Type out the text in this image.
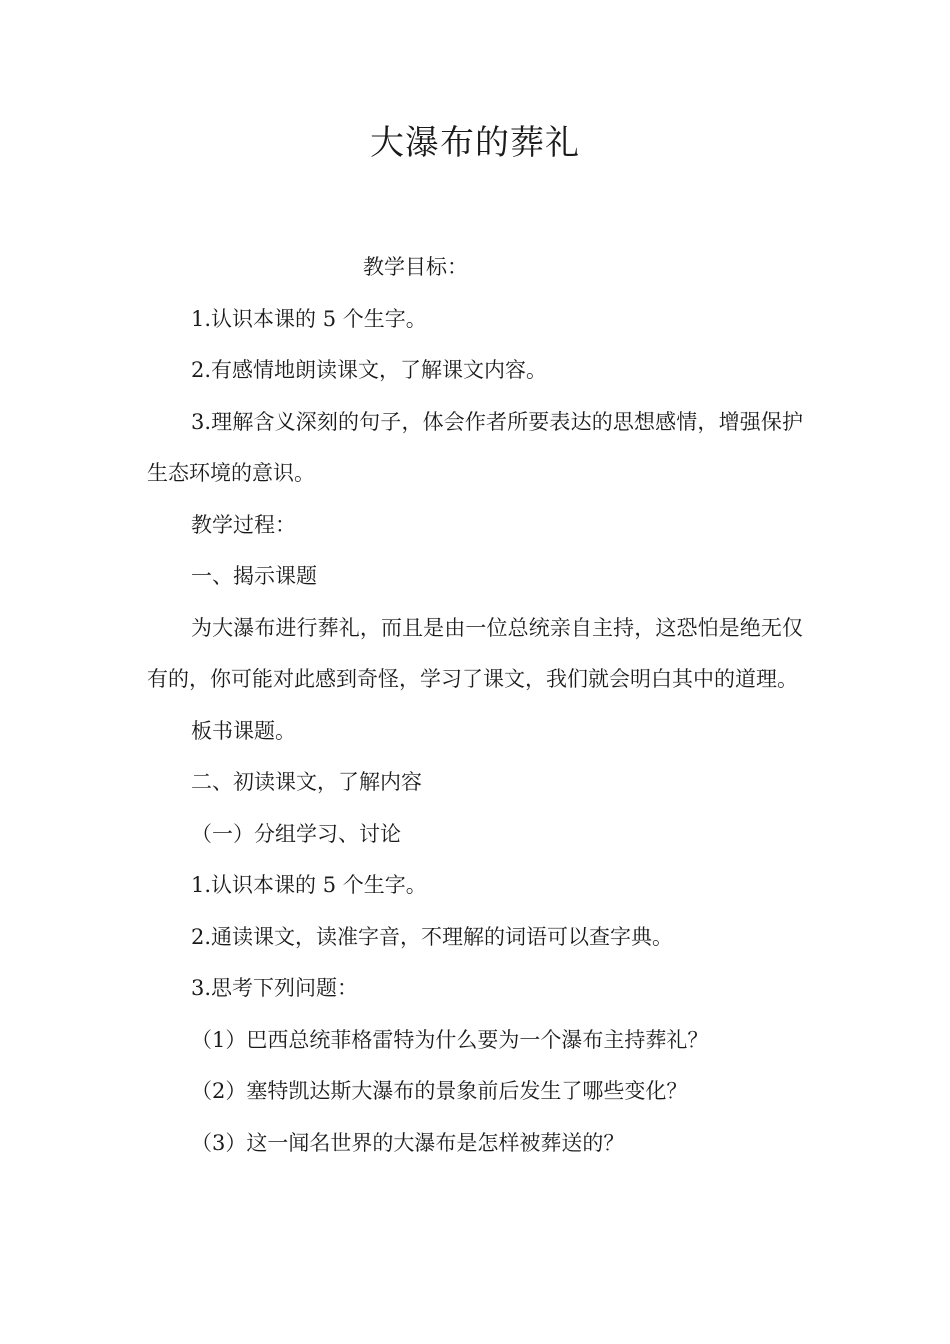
大瀑布的葬礼

教学目标：

1.认识本课的 5 个生字。

2.有感情地朗读课文，了解课文内容。

3.理解含义深刻的句子，体会作者所要表达的思想感情，增强保护生态环境的意识。

教学过程：

一、揭示课题

为大瀑布进行葬礼，而且是由一位总统亲自主持，这恐怕是绝无仅有的，你可能对此感到奇怪，学习了课文，我们就会明白其中的道理。

板书课题。

二、初读课文，了解内容

（一）分组学习、讨论

1.认识本课的 5 个生字。

2.通读课文，读准字音，不理解的词语可以查字典。

3.思考下列问题：

（1）巴西总统菲格雷特为什么要为一个瀑布主持葬礼？

（2）塞特凯达斯大瀑布的景象前后发生了哪些变化？

（3）这一闻名世界的大瀑布是怎样被葬送的？
